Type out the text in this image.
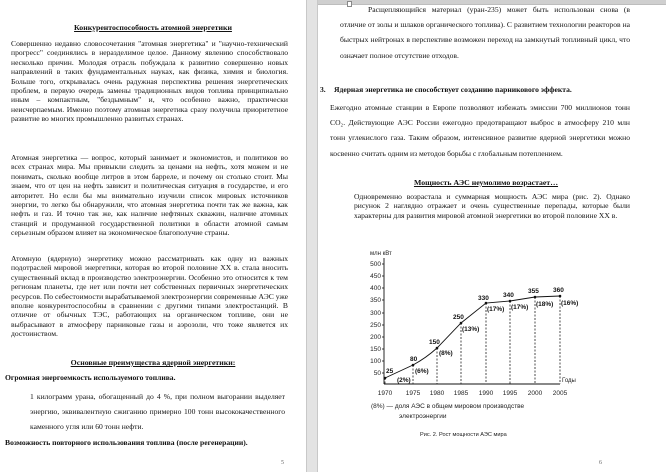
Конкурентоспособность атомной энергетики

Совершенно недавно словосочетания "атомная энергетика" и "научно-технический прогресс" соединялись в неразделимое целое. Данному явлению способствовало несколько причин. Молодая отрасль побуждала к развитию совершенно новых направлений в таких фундаментальных науках, как физика, химия и биология. Больше того, открывалась очень радужная перспектива решения энергетических проблем, в первую очередь замены традиционных видов топлива принципиально иным – компактным, "бездымным" и, что особенно важно, практически неисчерпаемым. Именно поэтому атомная энергетика сразу получила приоритетное развитие во многих промышленно развитых странах.

Атомная энергетика — вопрос, который занимает и экономистов, и политиков во всех странах мира. Мы привыкли следить за ценами на нефть, хотя можем и не понимать, сколько вообще литров в этом барреле, и почему он столько стоит. Мы знаем, что от цен на нефть зависит и политическая ситуация в государстве, и его авторитет. Но если бы мы внимательно изучили список мировых источников энергии, то легко бы обнаружили, что атомная энергетика почти так же важна, как нефть и газ. И точно так же, как наличие нефтяных скважин, наличие атомных станций и продуманной государственной политики в области атомной самым серьезным образом влияет на экономическое благополучие страны.

Атомную (ядерную) энергетику можно рассматривать как одну из важных подотраслей мировой энергетики, которая во второй половине XX в. стала вносить существенный вклад в производство электроэнергии. Особенно это относится к тем регионам планеты, где нет или почти нет собственных первичных энергетических ресурсов. По себестоимости вырабатываемой электроэнергии современные АЭС уже вполне конкурентоспособны в сравнении с другими типами электростанций. В отличие от обычных ТЭС, работающих на органическом топливе, они не выбрасывают в атмосферу парниковые газы и аэрозоли, что тоже является их достоинством.

Основные преимущества ядерной энергетики:
Огромная энергоемкость используемого топлива.

1 килограмм урана, обогащенный до 4 %, при полном выгорании выделяет энергию, эквивалентную сжиганию примерно 100 тонн высококачественного каменного угля или 60 тонн нефти.

Возможность повторного использования топлива (после регенерации).
5

Расщепляющийся материал (уран-235) может быть использован снова (в отличие от золы и шлаков органического топлива). С развитием технологии реакторов на быстрых нейтронах в перспективе возможен переход на замкнутый топливный цикл, что означает полное отсутствие отходов.

3. Ядерная энергетика не способствует созданию парникового эффекта.

Ежегодно атомные станции в Европе позволяют избежать эмиссии 700 миллионов тонн CO₂. Действующие АЭС России ежегодно предотвращают выброс в атмосферу 210 млн тонн углекислого газа. Таким образом, интенсивное развитие ядерной энергетики можно косвенно считать одним из методов борьбы с глобальным потеплением.

Мощность АЭС неумолимо возрастает…

Одновременно возрастала и суммарная мощность АЭС мира (рис. 2). Однако рисунок 2 наглядно отражает и очень существенные перепады, которые были характерны для развития мировой атомной энергетики во второй половине XX в.

6
млн кВт
500
450
400
350
300
250
200
150
100
50 25
80
150
250
330 340
355 360
(2%)
(6%)
(8%)
(13%)
(17%) (17%) (18%) (16%)
Годы
1970 1975 1980 1985 1990 1995 2000 2005
(8%) — доля АЭС в общем мировом производстве
электроэнергии
Рис. 2. Рост мощности АЭС мира
